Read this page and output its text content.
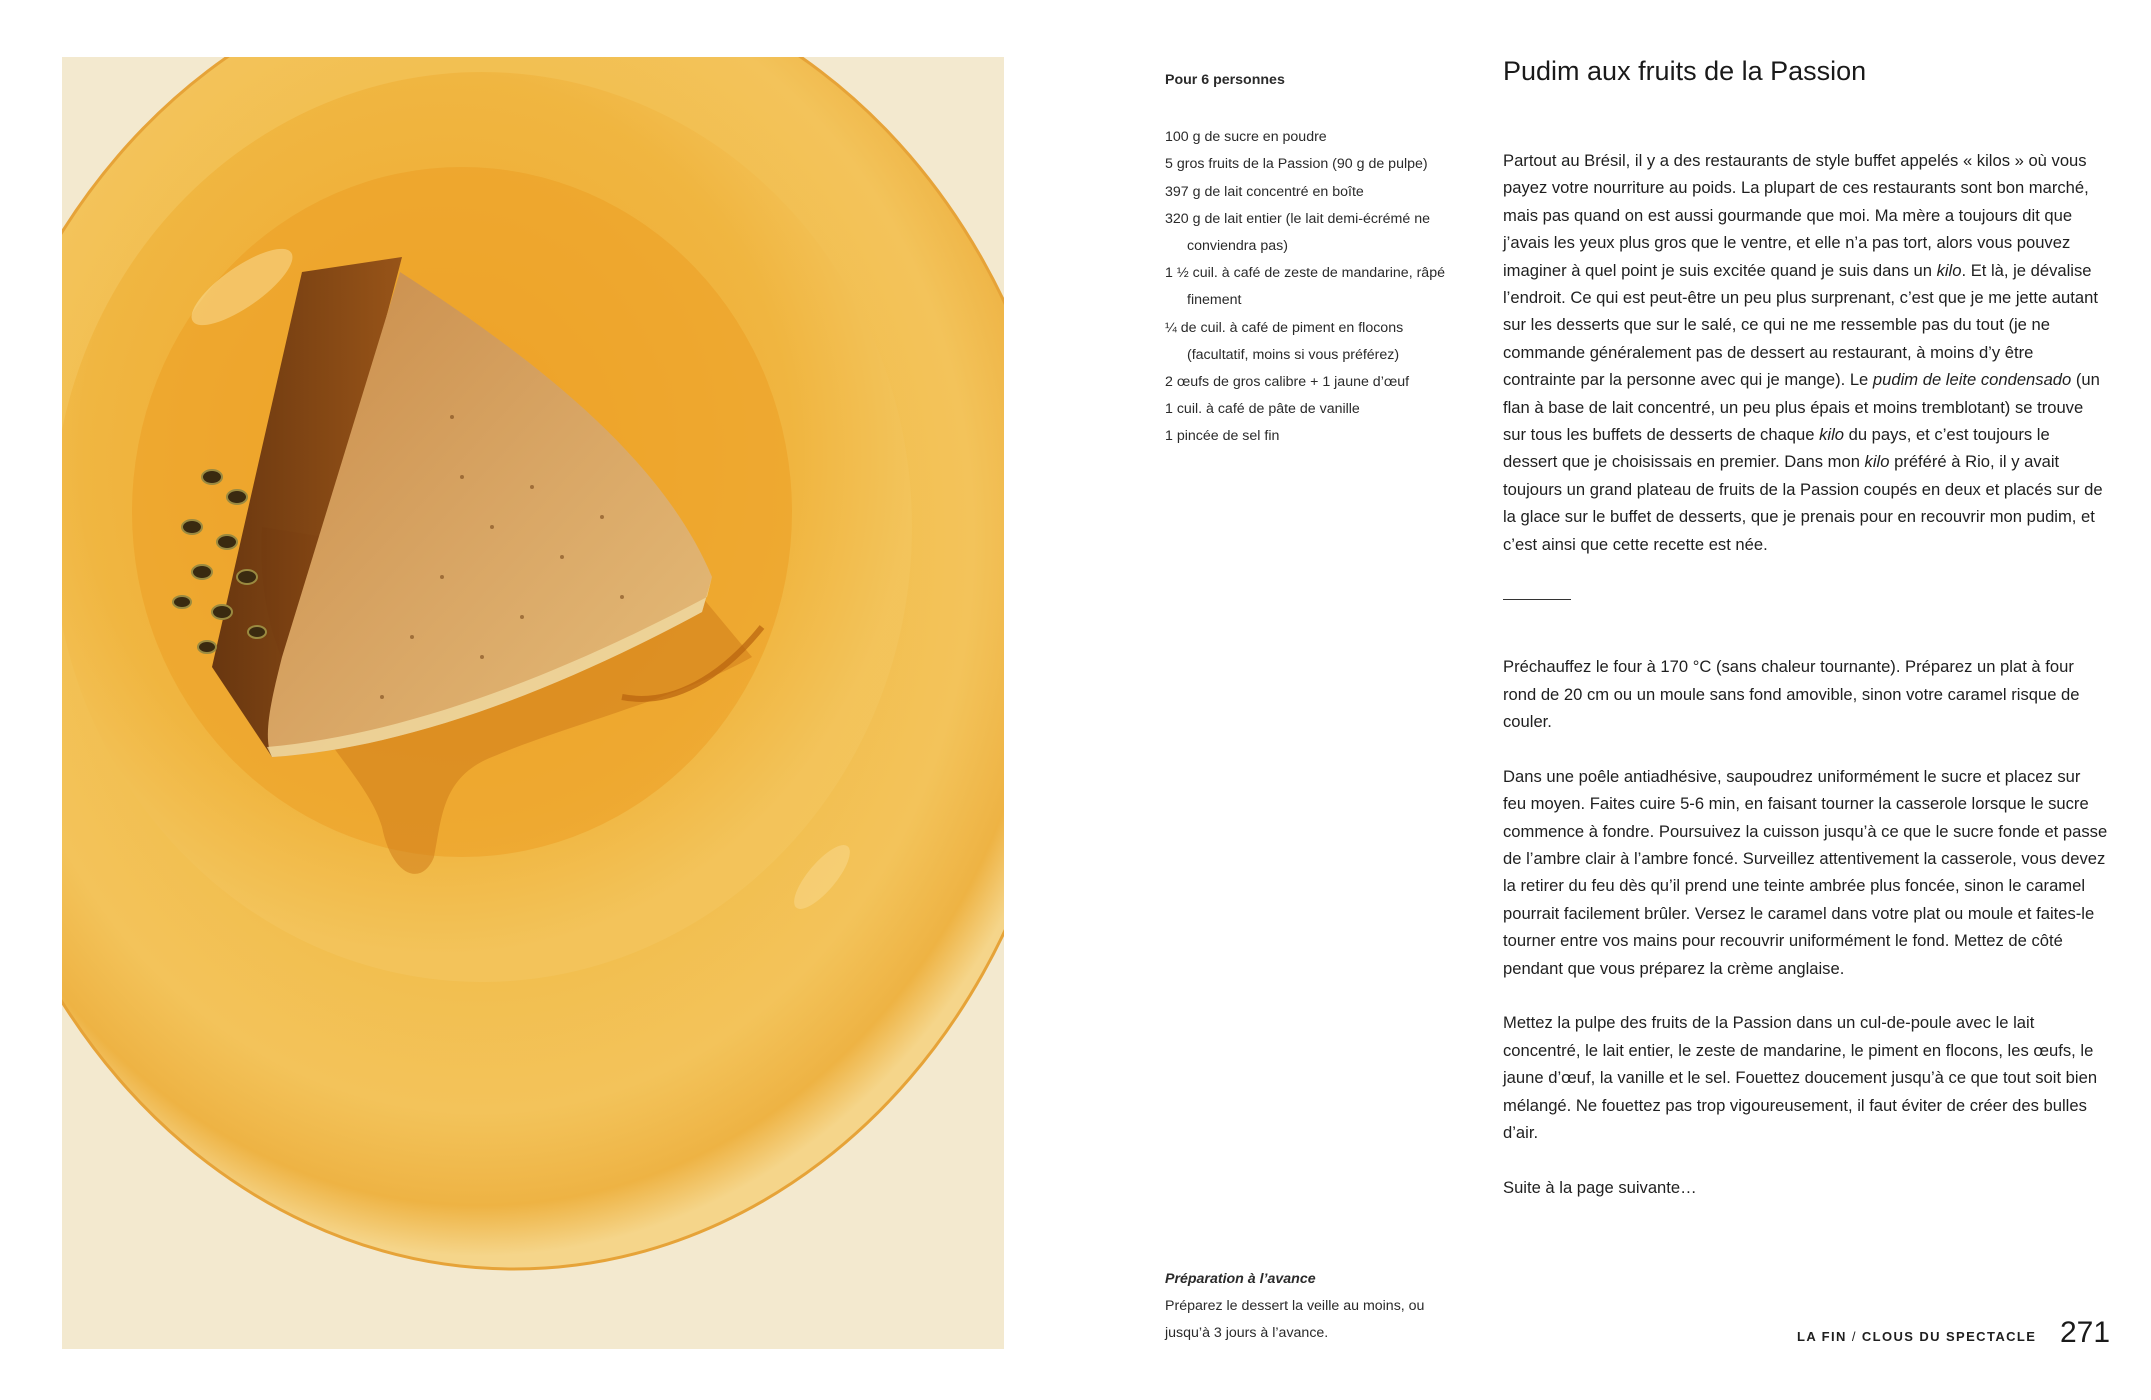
Pour 6 personnes
100 g de sucre en poudre
5 gros fruits de la Passion (90 g de pulpe)
397 g de lait concentré en boîte
320 g de lait entier (le lait demi-écrémé ne conviendra pas)
1 ½ cuil. à café de zeste de mandarine, râpé finement
¼ de cuil. à café de piment en flocons (facultatif, moins si vous préférez)
2 œufs de gros calibre + 1 jaune d’œuf
1 cuil. à café de pâte de vanille
1 pincée de sel fin
Préparation à l’avance
Préparez le dessert la veille au moins, ou jusqu’à 3 jours à l’avance.
Pudim aux fruits de la Passion

Partout au Brésil, il y a des restaurants de style buffet appelés « kilos » où vous payez votre nourriture au poids. La plupart de ces restaurants sont bon marché, mais pas quand on est aussi gourmande que moi. Ma mère a toujours dit que j’avais les yeux plus gros que le ventre, et elle n’a pas tort, alors vous pouvez imaginer à quel point je suis excitée quand je suis dans un kilo. Et là, je dévalise l’endroit. Ce qui est peut-être un peu plus surprenant, c’est que je me jette autant sur les desserts que sur le salé, ce qui ne me ressemble pas du tout (je ne commande généralement pas de dessert au restaurant, à moins d’y être contrainte par la personne avec qui je mange). Le pudim de leite condensado (un flan à base de lait concentré, un peu plus épais et moins tremblotant) se trouve sur tous les buffets de desserts de chaque kilo du pays, et c’est toujours le dessert que je choisissais en premier. Dans mon kilo préféré à Rio, il y avait toujours un grand plateau de fruits de la Passion coupés en deux et placés sur de la glace sur le buffet de desserts, que je prenais pour en recouvrir mon pudim, et c’est ainsi que cette recette est née.

Préchauffez le four à 170 °C (sans chaleur tournante). Préparez un plat à four rond de 20 cm ou un moule sans fond amovible, sinon votre caramel risque de couler.

Dans une poêle antiadhésive, saupoudrez uniformément le sucre et placez sur feu moyen. Faites cuire 5-6 min, en faisant tourner la casserole lorsque le sucre commence à fondre. Poursuivez la cuisson jusqu’à ce que le sucre fonde et passe de l’ambre clair à l’ambre foncé. Surveillez attentivement la casserole, vous devez la retirer du feu dès qu’il prend une teinte ambrée plus foncée, sinon le caramel pourrait facilement brûler. Versez le caramel dans votre plat ou moule et faites-le tourner entre vos mains pour recouvrir uniformément le fond. Mettez de côté pendant que vous préparez la crème anglaise.

Mettez la pulpe des fruits de la Passion dans un cul-de-poule avec le lait concentré, le lait entier, le zeste de mandarine, le piment en flocons, les œufs, le jaune d’œuf, la vanille et le sel. Fouettez doucement jusqu’à ce que tout soit bien mélangé. Ne fouettez pas trop vigoureusement, il faut éviter de créer des bulles d’air.

Suite à la page suivante…

LA FIN / CLOUS DU SPECTACLE 271
